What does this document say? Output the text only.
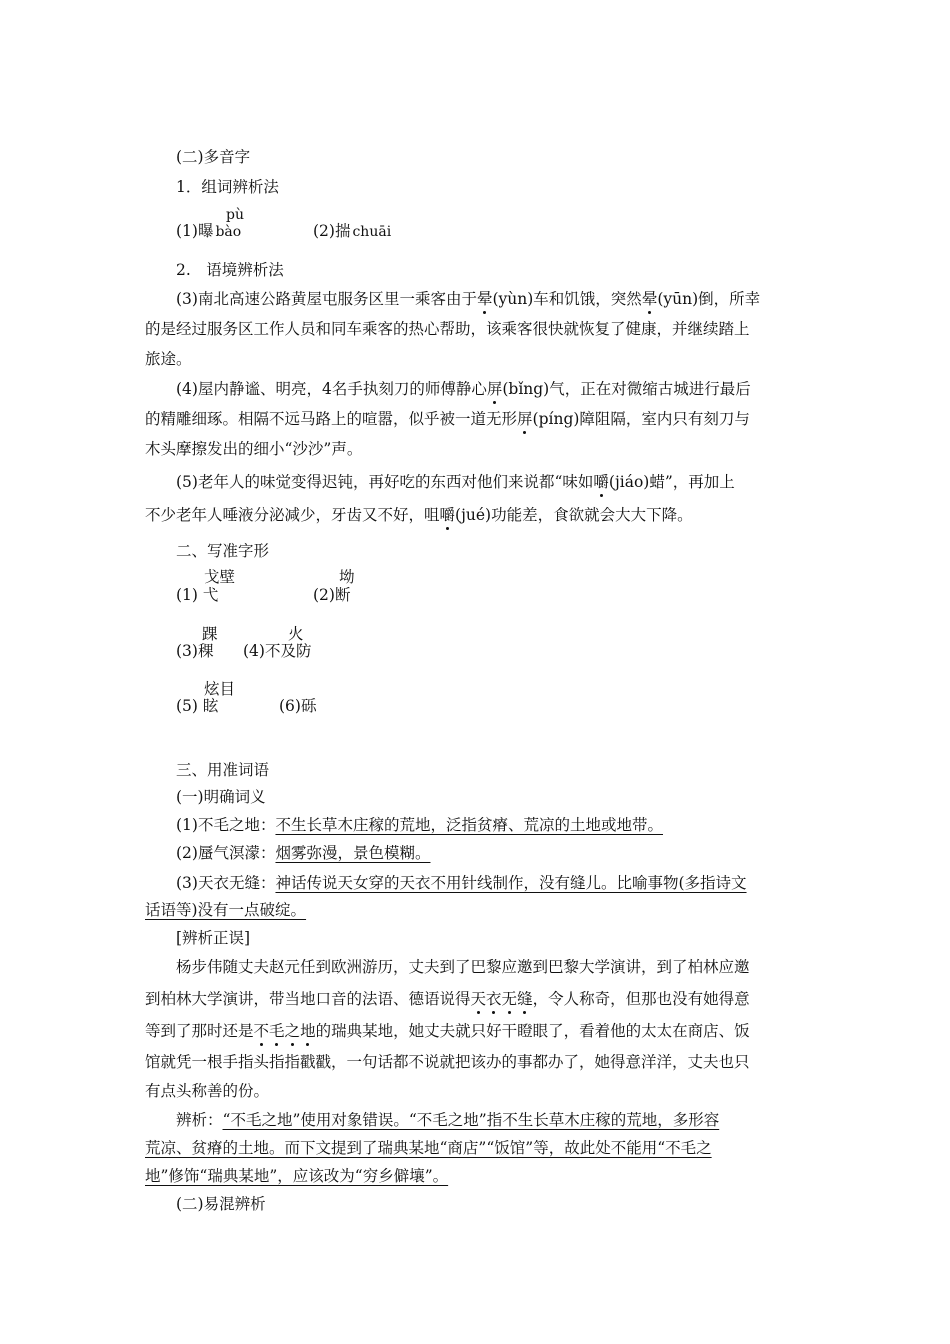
(二)多音字
1．组词辨析法
pù
(1)曝 bào	(2)揣 chuāi
2.　语境辨析法
(3)南北高速公路黄屋屯服务区里一乘客由于晕(yùn)车和饥饿，突然晕(yūn)倒，所幸
的是经过服务区工作人员和同车乘客的热心帮助，该乘客很快就恢复了健康，并继续踏上
旅途。
(4)屋内静谧、明亮，4名手执刻刀的师傅静心屏(bǐng)气，正在对微缩古城进行最后
的精雕细琢。相隔不远马路上的喧嚣，似乎被一道无形屏(píng)障阻隔，室内只有刻刀与
木头摩擦发出的细小“沙沙”声。
(5)老年人的味觉变得迟钝，再好吃的东西对他们来说都“味如嚼(jiáo)蜡”，再加上
不少老年人唾液分泌减少，牙齿又不好，咀嚼(jué)功能差，食欲就会大大下降。
二、写准字形
戈壁
(1) 弋
坳
(2)断
踝
(3)稞
火
(4)不及防
炫目
(5) 眩	(6)砾
三、用准词语
(一)明确词义
(1)不毛之地：不生长草木庄稼的荒地，泛指贫瘠、荒凉的土地或地带。
(2)蜃气溟濛：烟雾弥漫，景色模糊。
(3)天衣无缝：神话传说天女穿的天衣不用针线制作，没有缝儿。比喻事物(多指诗文
话语等)没有一点破绽。
[辨析正误]
杨步伟随丈夫赵元任到欧洲游历，丈夫到了巴黎应邀到巴黎大学演讲，到了柏林应邀
到柏林大学演讲，带当地口音的法语、德语说得天衣无缝，令人称奇，但那也没有她得意
等到了那时还是不毛之地的瑞典某地，她丈夫就只好干瞪眼了，看着他的太太在商店、饭
馆就凭一根手指头指指戳戳，一句话都不说就把该办的事都办了，她得意洋洋，丈夫也只
有点头称善的份。
辨析：“不毛之地”使用对象错误。“不毛之地”指不生长草木庄稼的荒地，多形容
荒凉、贫瘠的土地。而下文提到了瑞典某地“商店”“饭馆”等，故此处不能用“不毛之
地”修饰“瑞典某地”，应该改为“穷乡僻壤”。
(二)易混辨析
